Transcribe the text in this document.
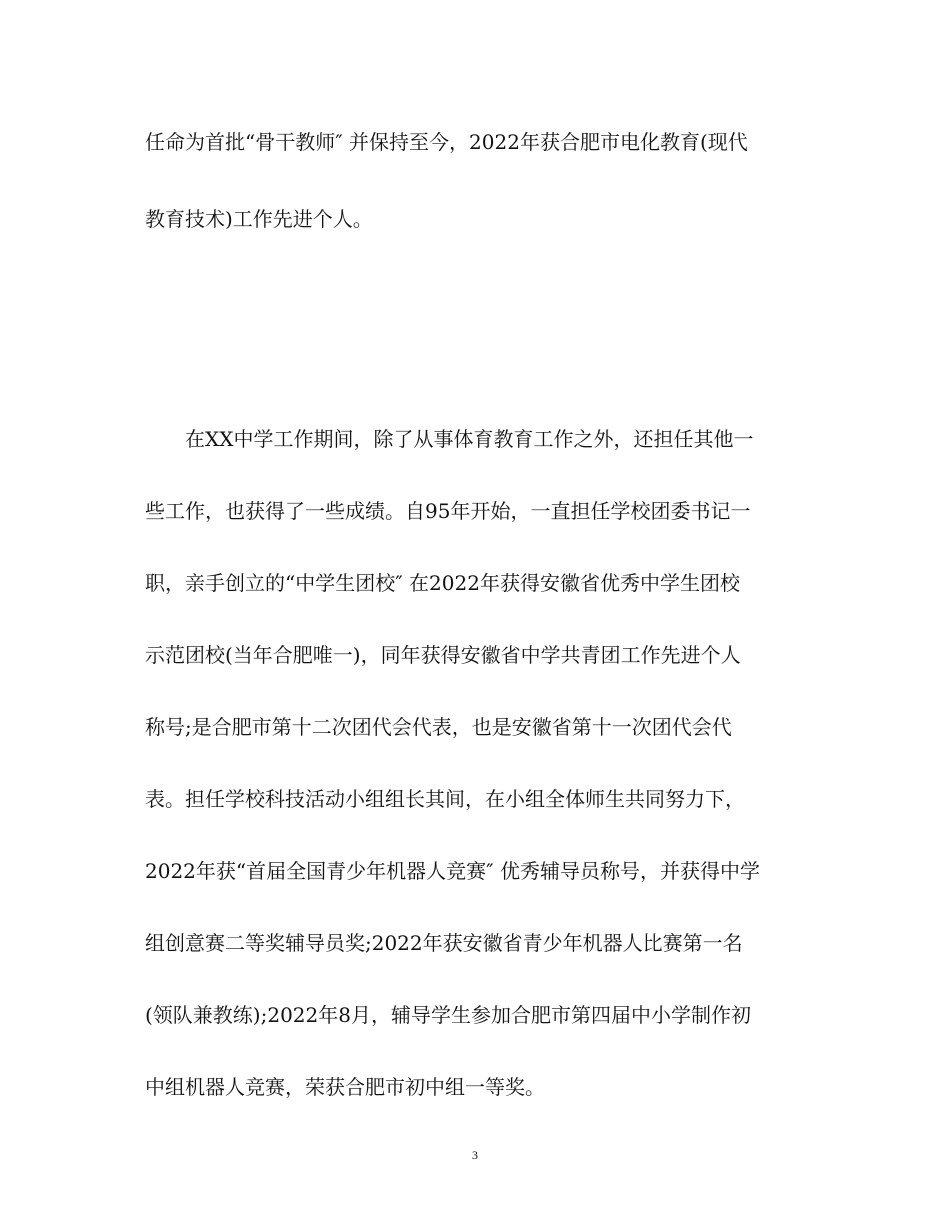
任命为首批“骨干教师″ 并保持至今，2022年获合肥市电化教育(现代
教育技术)工作先进个人。
在XX中学工作期间，除了从事体育教育工作之外，还担任其他一
些工作，也获得了一些成绩。自95年开始，一直担任学校团委书记一
职，亲手创立的“中学生团校″ 在2022年获得安徽省优秀中学生团校
示范团校(当年合肥唯一)，同年获得安徽省中学共青团工作先进个人
称号;是合肥市第十二次团代会代表，也是安徽省第十一次团代会代
表。担任学校科技活动小组组长其间，在小组全体师生共同努力下，
2022年获“首届全国青少年机器人竞赛″ 优秀辅导员称号，并获得中学
组创意赛二等奖辅导员奖;2022年获安徽省青少年机器人比赛第一名
(领队兼教练);2022年8月，辅导学生参加合肥市第四届中小学制作初
中组机器人竞赛，荣获合肥市初中组一等奖。
3
